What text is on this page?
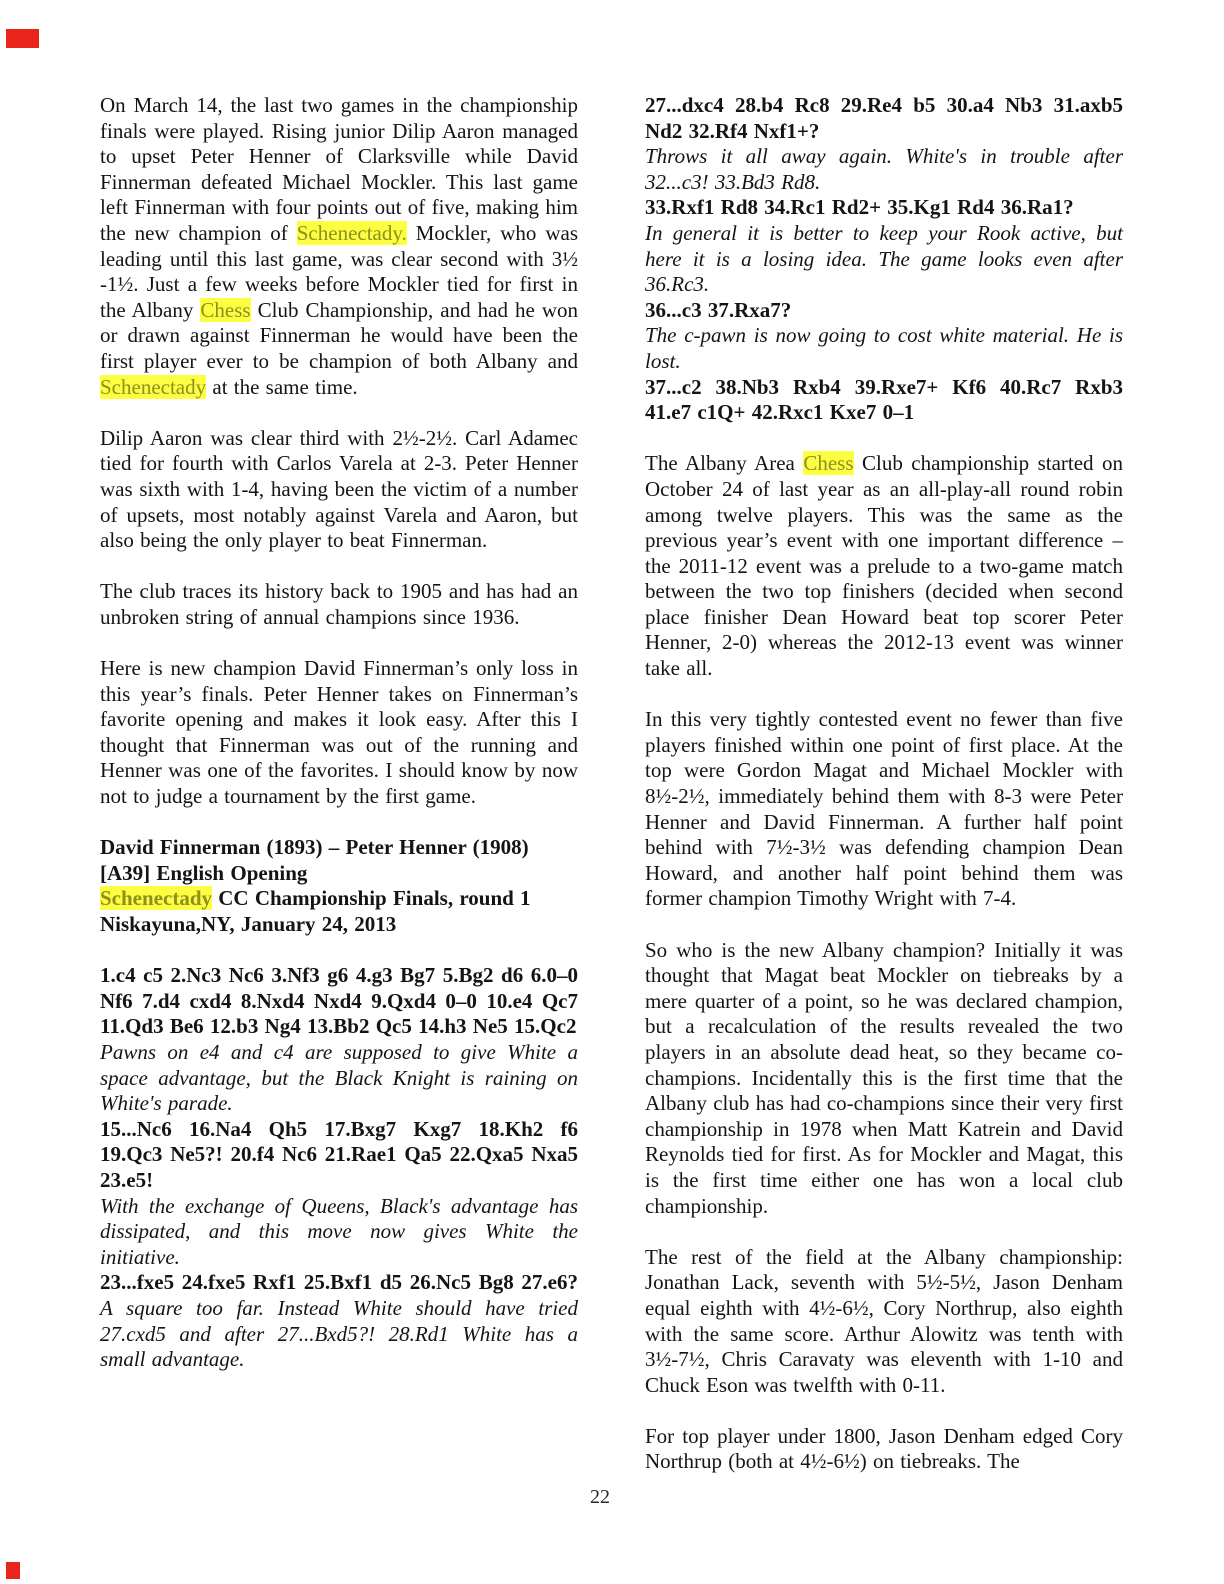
On March 14, the last two games in the championship finals were played. Rising junior Dilip Aaron managed to upset Peter Henner of Clarksville while David Finnerman defeated Michael Mockler. This last game left Finnerman with four points out of five, making him the new champion of Schenectady. Mockler, who was leading until this last game, was clear second with 3½ -1½. Just a few weeks before Mockler tied for first in the Albany Chess Club Championship, and had he won or drawn against Finnerman he would have been the first player ever to be champion of both Albany and Schenectady at the same time.

Dilip Aaron was clear third with 2½-2½. Carl Adamec tied for fourth with Carlos Varela at 2-3. Peter Henner was sixth with 1-4, having been the victim of a number of upsets, most notably against Varela and Aaron, but also being the only player to beat Finnerman.

The club traces its history back to 1905 and has had an unbroken string of annual champions since 1936.

Here is new champion David Finnerman’s only loss in this year’s finals. Peter Henner takes on Finnerman’s favorite opening and makes it look easy. After this I thought that Finnerman was out of the running and Henner was one of the favorites. I should know by now not to judge a tournament by the first game.

David Finnerman (1893) – Peter Henner (1908)
[A39] English Opening
Schenectady CC Championship Finals, round 1
Niskayuna,NY, January 24, 2013

1.c4 c5 2.Nc3 Nc6 3.Nf3 g6 4.g3 Bg7 5.Bg2 d6 6.0–0 Nf6 7.d4 cxd4 8.Nxd4 Nxd4 9.Qxd4 0–0 10.e4 Qc7 11.Qd3 Be6 12.b3 Ng4 13.Bb2 Qc5 14.h3 Ne5 15.Qc2

Pawns on e4 and c4 are supposed to give White a space advantage, but the Black Knight is raining on White's parade.

15...Nc6 16.Na4 Qh5 17.Bxg7 Kxg7 18.Kh2 f6 19.Qc3 Ne5?! 20.f4 Nc6 21.Rae1 Qa5 22.Qxa5 Nxa5 23.e5!

With the exchange of Queens, Black's advantage has dissipated, and this move now gives White the initiative.

23...fxe5 24.fxe5 Rxf1 25.Bxf1 d5 26.Nc5 Bg8 27.e6? A square too far. Instead White should have tried 27.cxd5 and after 27...Bxd5?! 28.Rd1 White has a small advantage.

27...dxc4 28.b4 Rc8 29.Re4 b5 30.a4 Nb3 31.axb5 Nd2 32.Rf4 Nxf1+?

Throws it all away again. White's in trouble after 32...c3! 33.Bd3 Rd8.

33.Rxf1 Rd8 34.Rc1 Rd2+ 35.Kg1 Rd4 36.Ra1?

In general it is better to keep your Rook active, but here it is a losing idea. The game looks even after 36.Rc3.

36...c3 37.Rxa7?

The c-pawn is now going to cost white material. He is lost.

37...c2 38.Nb3 Rxb4 39.Rxe7+ Kf6 40.Rc7 Rxb3 41.e7 c1Q+ 42.Rxc1 Kxe7 0–1

The Albany Area Chess Club championship started on October 24 of last year as an all-play-all round robin among twelve players. This was the same as the previous year’s event with one important difference – the 2011-12 event was a prelude to a two-game match between the two top finishers (decided when second place finisher Dean Howard beat top scorer Peter Henner, 2-0) whereas the 2012-13 event was winner take all.

In this very tightly contested event no fewer than five players finished within one point of first place. At the top were Gordon Magat and Michael Mockler with 8½-2½, immediately behind them with 8-3 were Peter Henner and David Finnerman. A further half point behind with 7½-3½ was defending champion Dean Howard, and another half point behind them was former champion Timothy Wright with 7-4.

So who is the new Albany champion? Initially it was thought that Magat beat Mockler on tiebreaks by a mere quarter of a point, so he was declared champion, but a recalculation of the results revealed the two players in an absolute dead heat, so they became co-champions. Incidentally this is the first time that the Albany club has had co-champions since their very first championship in 1978 when Matt Katrein and David Reynolds tied for first. As for Mockler and Magat, this is the first time either one has won a local club championship.

The rest of the field at the Albany championship: Jonathan Lack, seventh with 5½-5½, Jason Denham equal eighth with 4½-6½, Cory Northrup, also eighth with the same score. Arthur Alowitz was tenth with 3½-7½, Chris Caravaty was eleventh with 1-10 and Chuck Eson was twelfth with 0-11.

For top player under 1800, Jason Denham edged Cory Northrup (both at 4½-6½) on tiebreaks. The

22
